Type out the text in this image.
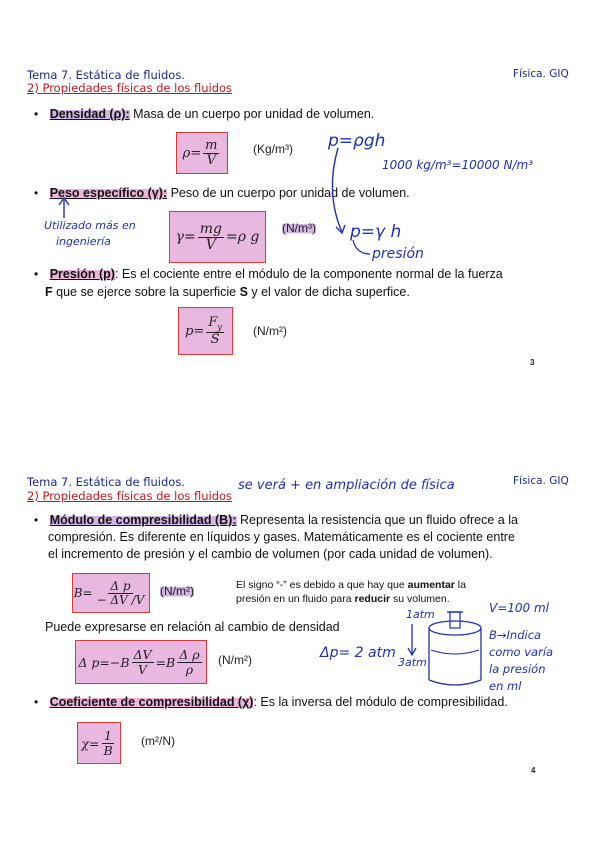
Tema 7. Estática de fluidos.
2) Propiedades físicas de los fluidos
Física. GIQ
• Densidad (ρ): Masa de un cuerpo por unidad de volumen.
$\rho= \frac{m}{V}$	(Kg/m³)
• Peso específico (γ): Peso de un cuerpo por unidad de volumen.
$\gamma= \frac{mg}{V} =\rho$ g
(N/m³)
• Presión (p): Es el cociente entre el módulo de la componente normal de la fuerza
F que se ejerce sobre la superficie S y el valor de dicha superfice.
$p= \frac{F_y}{S} (N/m^2)$
3
p=ρgh
1000 kg/m³=10000 N/m³
Utilizado más en
ingeniería	p=γ h
presión
Tema 7. Estática de fluidos.
2) Propiedades físicas de los fluidos
Física. GIQ
se verá + en ampliación de física
• Módulo de compresibilidad (B): Representa la resistencia que un fluido ofrece a la
compresión. Es diferente en líquidos y gases. Matemáticamente es el cociente entre
el incremento de presión y el cambio de volumen (por cada unidad de volumen).
$B= \frac{\text{Δ p}}{- \Delta V /V} (N/m^2)$	El signo “-” es debido a que hay que aumentar la
presión en un fluido para reducir su volumen.
Puede expresarse en relación al cambio de densidad
Δ $p=-B \frac{\Delta V}{V} =B \frac{\text{Δ ρ}}{\rho} (N/m^2)$
1atm	V=100 ml
3atm
Δp= 2 atm
B→Indica
como varía
la presión
en ml
• Coeficiente de compresibilidad (χ): Es la inversa del módulo de compresibilidad.
$\chi= \frac{1}{B} (m^2/N)$
4
